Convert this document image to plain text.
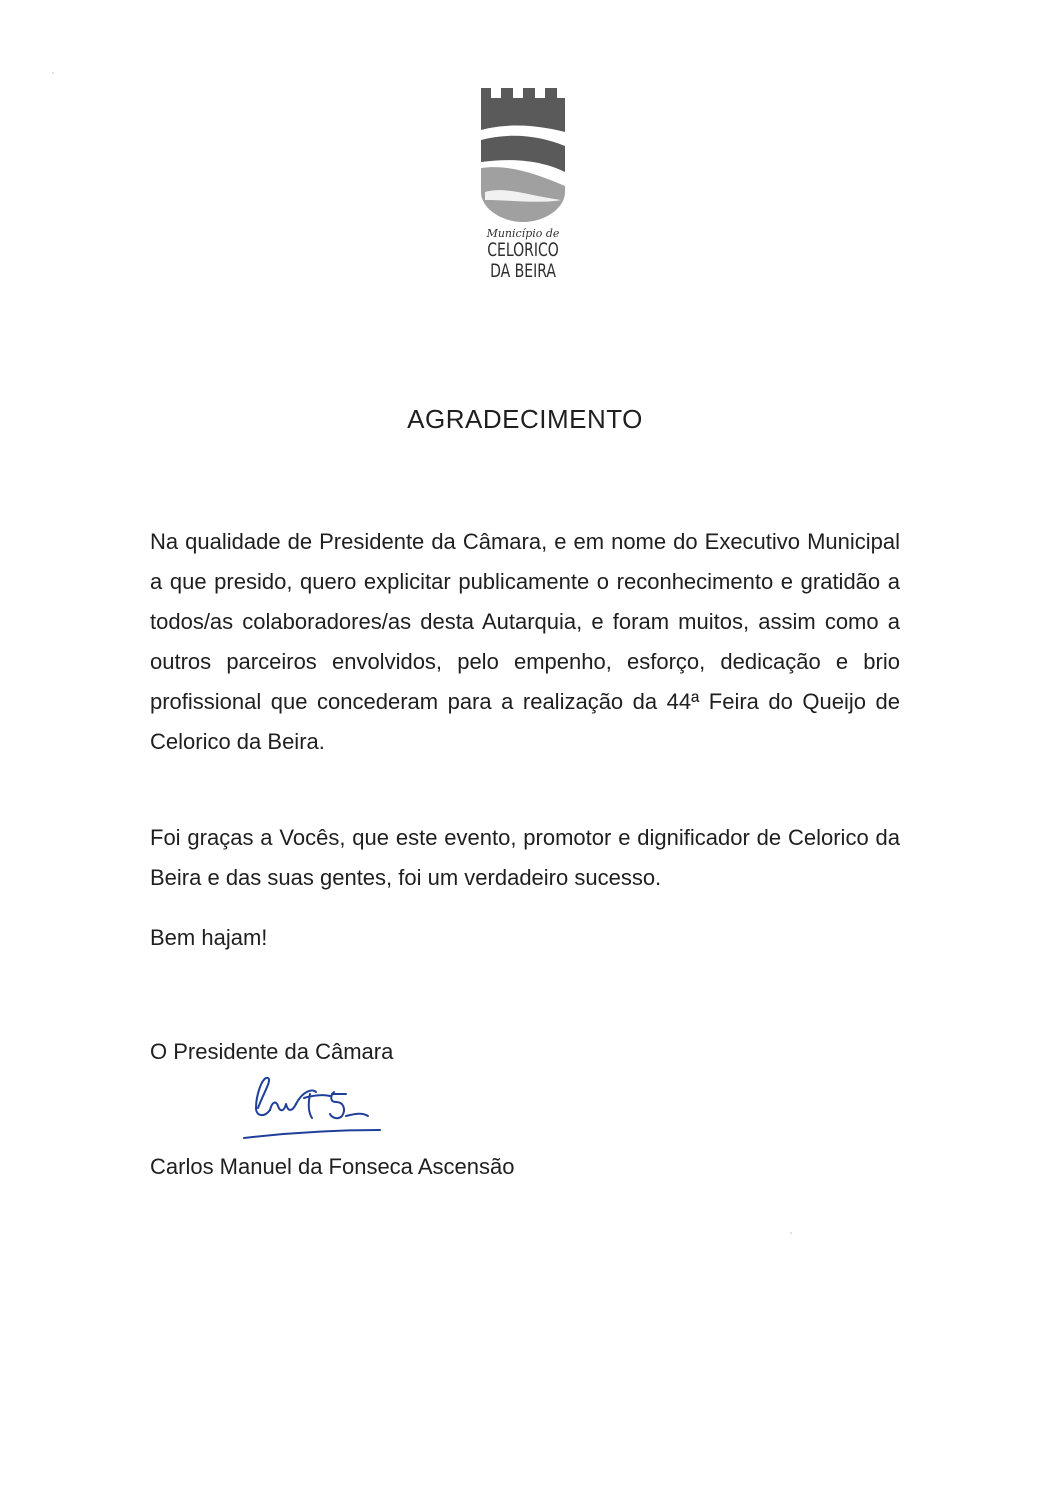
Município de
CELORICO
DA BEIRA
AGRADECIMENTO
Na qualidade de Presidente da Câmara, e em nome do Executivo Municipal a que presido, quero explicitar publicamente o reconhecimento e gratidão a todos/as colaboradores/as desta Autarquia, e foram muitos, assim como a outros parceiros envolvidos, pelo empenho, esforço, dedicação e brio profissional que concederam para a realização da 44ª Feira do Queijo de Celorico da Beira.
Foi graças a Vocês, que este evento, promotor e dignificador de Celorico da Beira e das suas gentes, foi um verdadeiro sucesso.
Bem hajam!
O Presidente da Câmara
Carlos Manuel da Fonseca Ascensão
